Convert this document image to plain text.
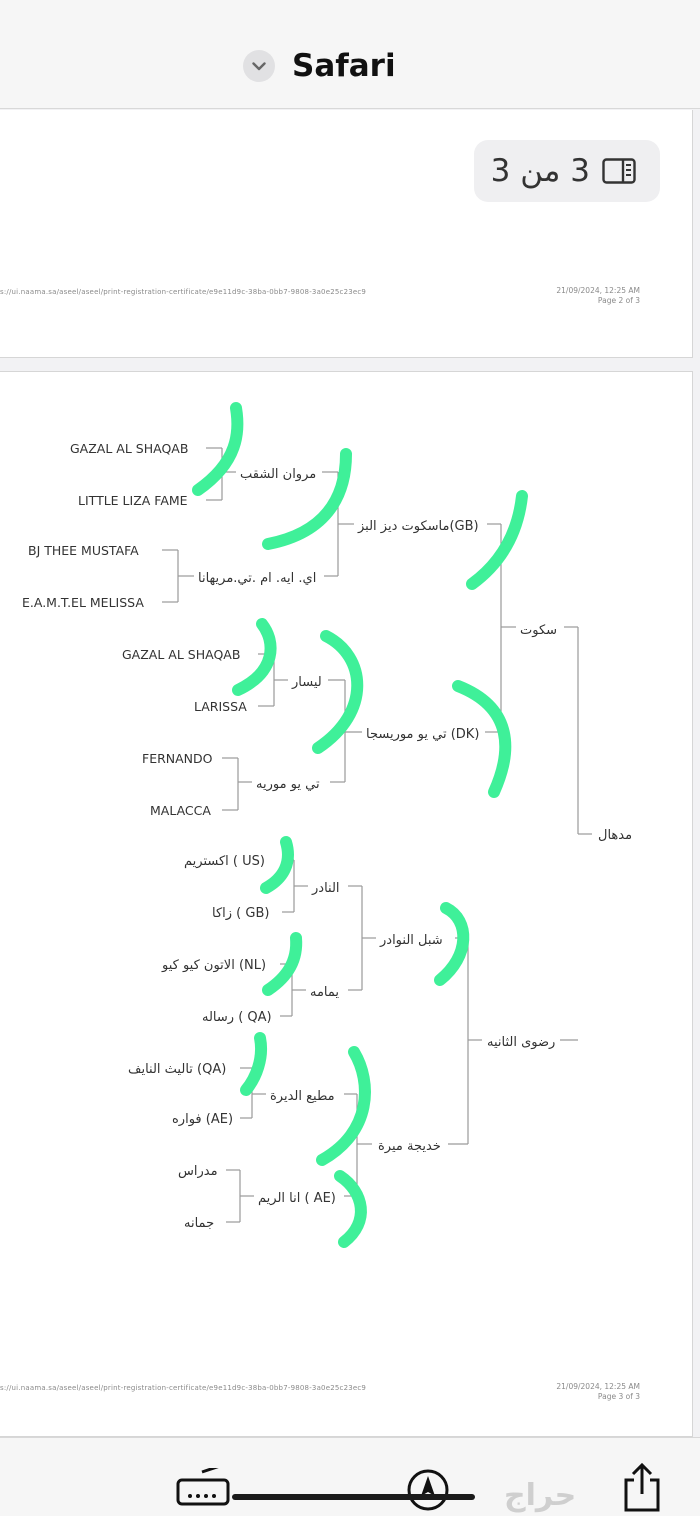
Safari
3 من 3
s://ui.naama.sa/aseel/aseel/print-registration-certificate/e9e11d9c-38ba-0bb7-9808-3a0e25c23ec9	21/09/2024, 12:25 AM
Page 2 of 3
مدهال
سكوت
رضوى الثانيه
ماسكوت ديز البز(GB)
تي يو موريسجا (DK)
شبل النوادر
خديجة ميرة
مروان الشقب
اي. ايه. ام .تي.مريهانا
ليسار
تي يو موريه
النادر
يمامه
مطيع الديرة
انا الريم ( AE)
GAZAL AL SHAQAB
LITTLE LIZA FAME
BJ THEE MUSTAFA
E.A.M.T.EL MELISSA
GAZAL AL SHAQAB
LARISSA
FERNANDO
MALACCA
اكستريم ( US)
زاكا ( GB)
الاتون كيو كيو (NL)
رساله ( QA)
تاليث النايف (QA)
فواره (AE)
مدراس
جمانه
s://ui.naama.sa/aseel/aseel/print-registration-certificate/e9e11d9c-38ba-0bb7-9808-3a0e25c23ec9	21/09/2024, 12:25 AM
Page 3 of 3
حراج
